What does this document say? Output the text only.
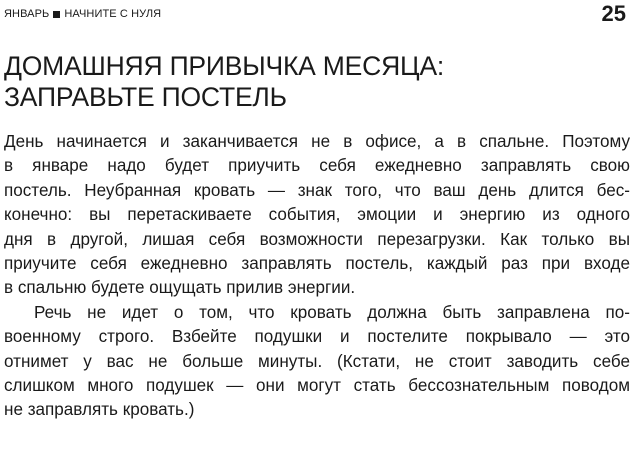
ЯНВАРЬ НАЧНИТЕ С НУЛЯ	25
ДОМАШНЯЯ ПРИВЫЧКА МЕСЯЦА:
ЗАПРАВЬТЕ ПОСТЕЛЬ
День начинается и заканчивается не в офисе, а в спальне. Поэтому
в январе надо будет приучить себя ежедневно заправлять свою
постель. Неубранная кровать — знак того, что ваш день длится бес-
конечно: вы перетаскиваете события, эмоции и энергию из одного
дня в другой, лишая себя возможности перезагрузки. Как только вы
приучите себя ежедневно заправлять постель, каждый раз при входе
в спальню будете ощущать прилив энергии.
Речь не идет о том, что кровать должна быть заправлена по-
военному строго. Взбейте подушки и постелите покрывало — это
отнимет у вас не больше минуты. (Кстати, не стоит заводить себе
слишком много подушек — они могут стать бессознательным поводом
не заправлять кровать.)
